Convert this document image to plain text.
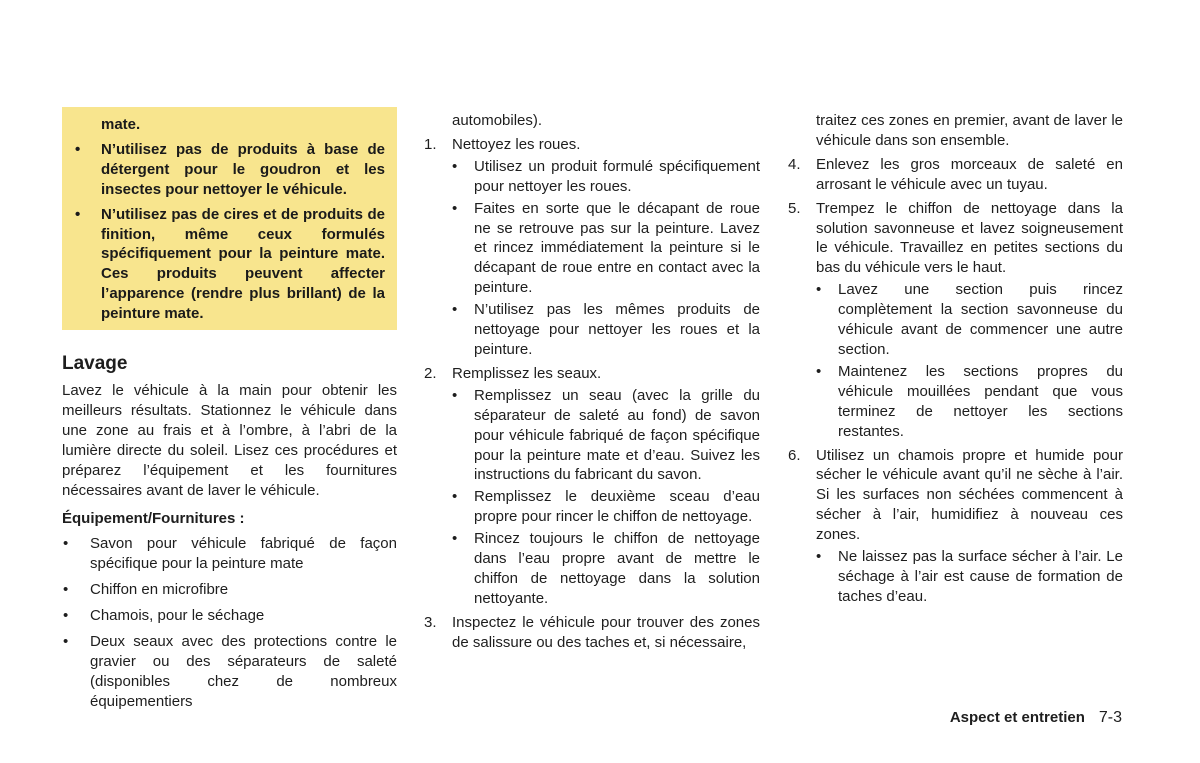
mate.
• N’utilisez pas de produits à base de détergent pour le goudron et les insectes pour nettoyer le véhicule.
• N’utilisez pas de cires et de produits de finition, même ceux formulés spécifiquement pour la peinture mate. Ces produits peuvent affecter l’apparence (rendre plus brillant) de la peinture mate.
Lavage

Lavez le véhicule à la main pour obtenir les meilleurs résultats. Stationnez le véhicule dans une zone au frais et à l’ombre, à l’abri de la lumière directe du soleil. Lisez ces procédures et préparez l’équipement et les fournitures nécessaires avant de laver le véhicule.

Équipement/Fournitures :
• Savon pour véhicule fabriqué de façon spécifique pour la peinture mate
• Chiffon en microfibre
• Chamois, pour le séchage
• Deux seaux avec des protections contre le gravier ou des séparateurs de saleté (disponibles chez de nombreux équipementiers
automobiles).
1. Nettoyez les roues.
• Utilisez un produit formulé spécifiquement pour nettoyer les roues.
• Faites en sorte que le décapant de roue ne se retrouve pas sur la peinture. Lavez et rincez immédiatement la peinture si le décapant de roue entre en contact avec la peinture.
• N’utilisez pas les mêmes produits de nettoyage pour nettoyer les roues et la peinture.
2. Remplissez les seaux.
• Remplissez un seau (avec la grille du séparateur de saleté au fond) de savon pour véhicule fabriqué de façon spécifique pour la peinture mate et d’eau. Suivez les instructions du fabricant du savon.
• Remplissez le deuxième sceau d’eau propre pour rincer le chiffon de nettoyage.
• Rincez toujours le chiffon de nettoyage dans l’eau propre avant de mettre le chiffon de nettoyage dans la solution nettoyante.
3. Inspectez le véhicule pour trouver des zones de salissure ou des taches et, si nécessaire,
traitez ces zones en premier, avant de laver le véhicule dans son ensemble.
4. Enlevez les gros morceaux de saleté en arrosant le véhicule avec un tuyau.
5. Trempez le chiffon de nettoyage dans la solution savonneuse et lavez soigneusement le véhicule. Travaillez en petites sections du bas du véhicule vers le haut.
• Lavez une section puis rincez complètement la section savonneuse du véhicule avant de commencer une autre section.
• Maintenez les sections propres du véhicule mouillées pendant que vous terminez de nettoyer les sections restantes.
6. Utilisez un chamois propre et humide pour sécher le véhicule avant qu’il ne sèche à l’air. Si les surfaces non séchées commencent à sécher à l’air, humidifiez à nouveau ces zones.
• Ne laissez pas la surface sécher à l’air. Le séchage à l’air est cause de formation de taches d’eau.
Aspect et entretien 7-3
